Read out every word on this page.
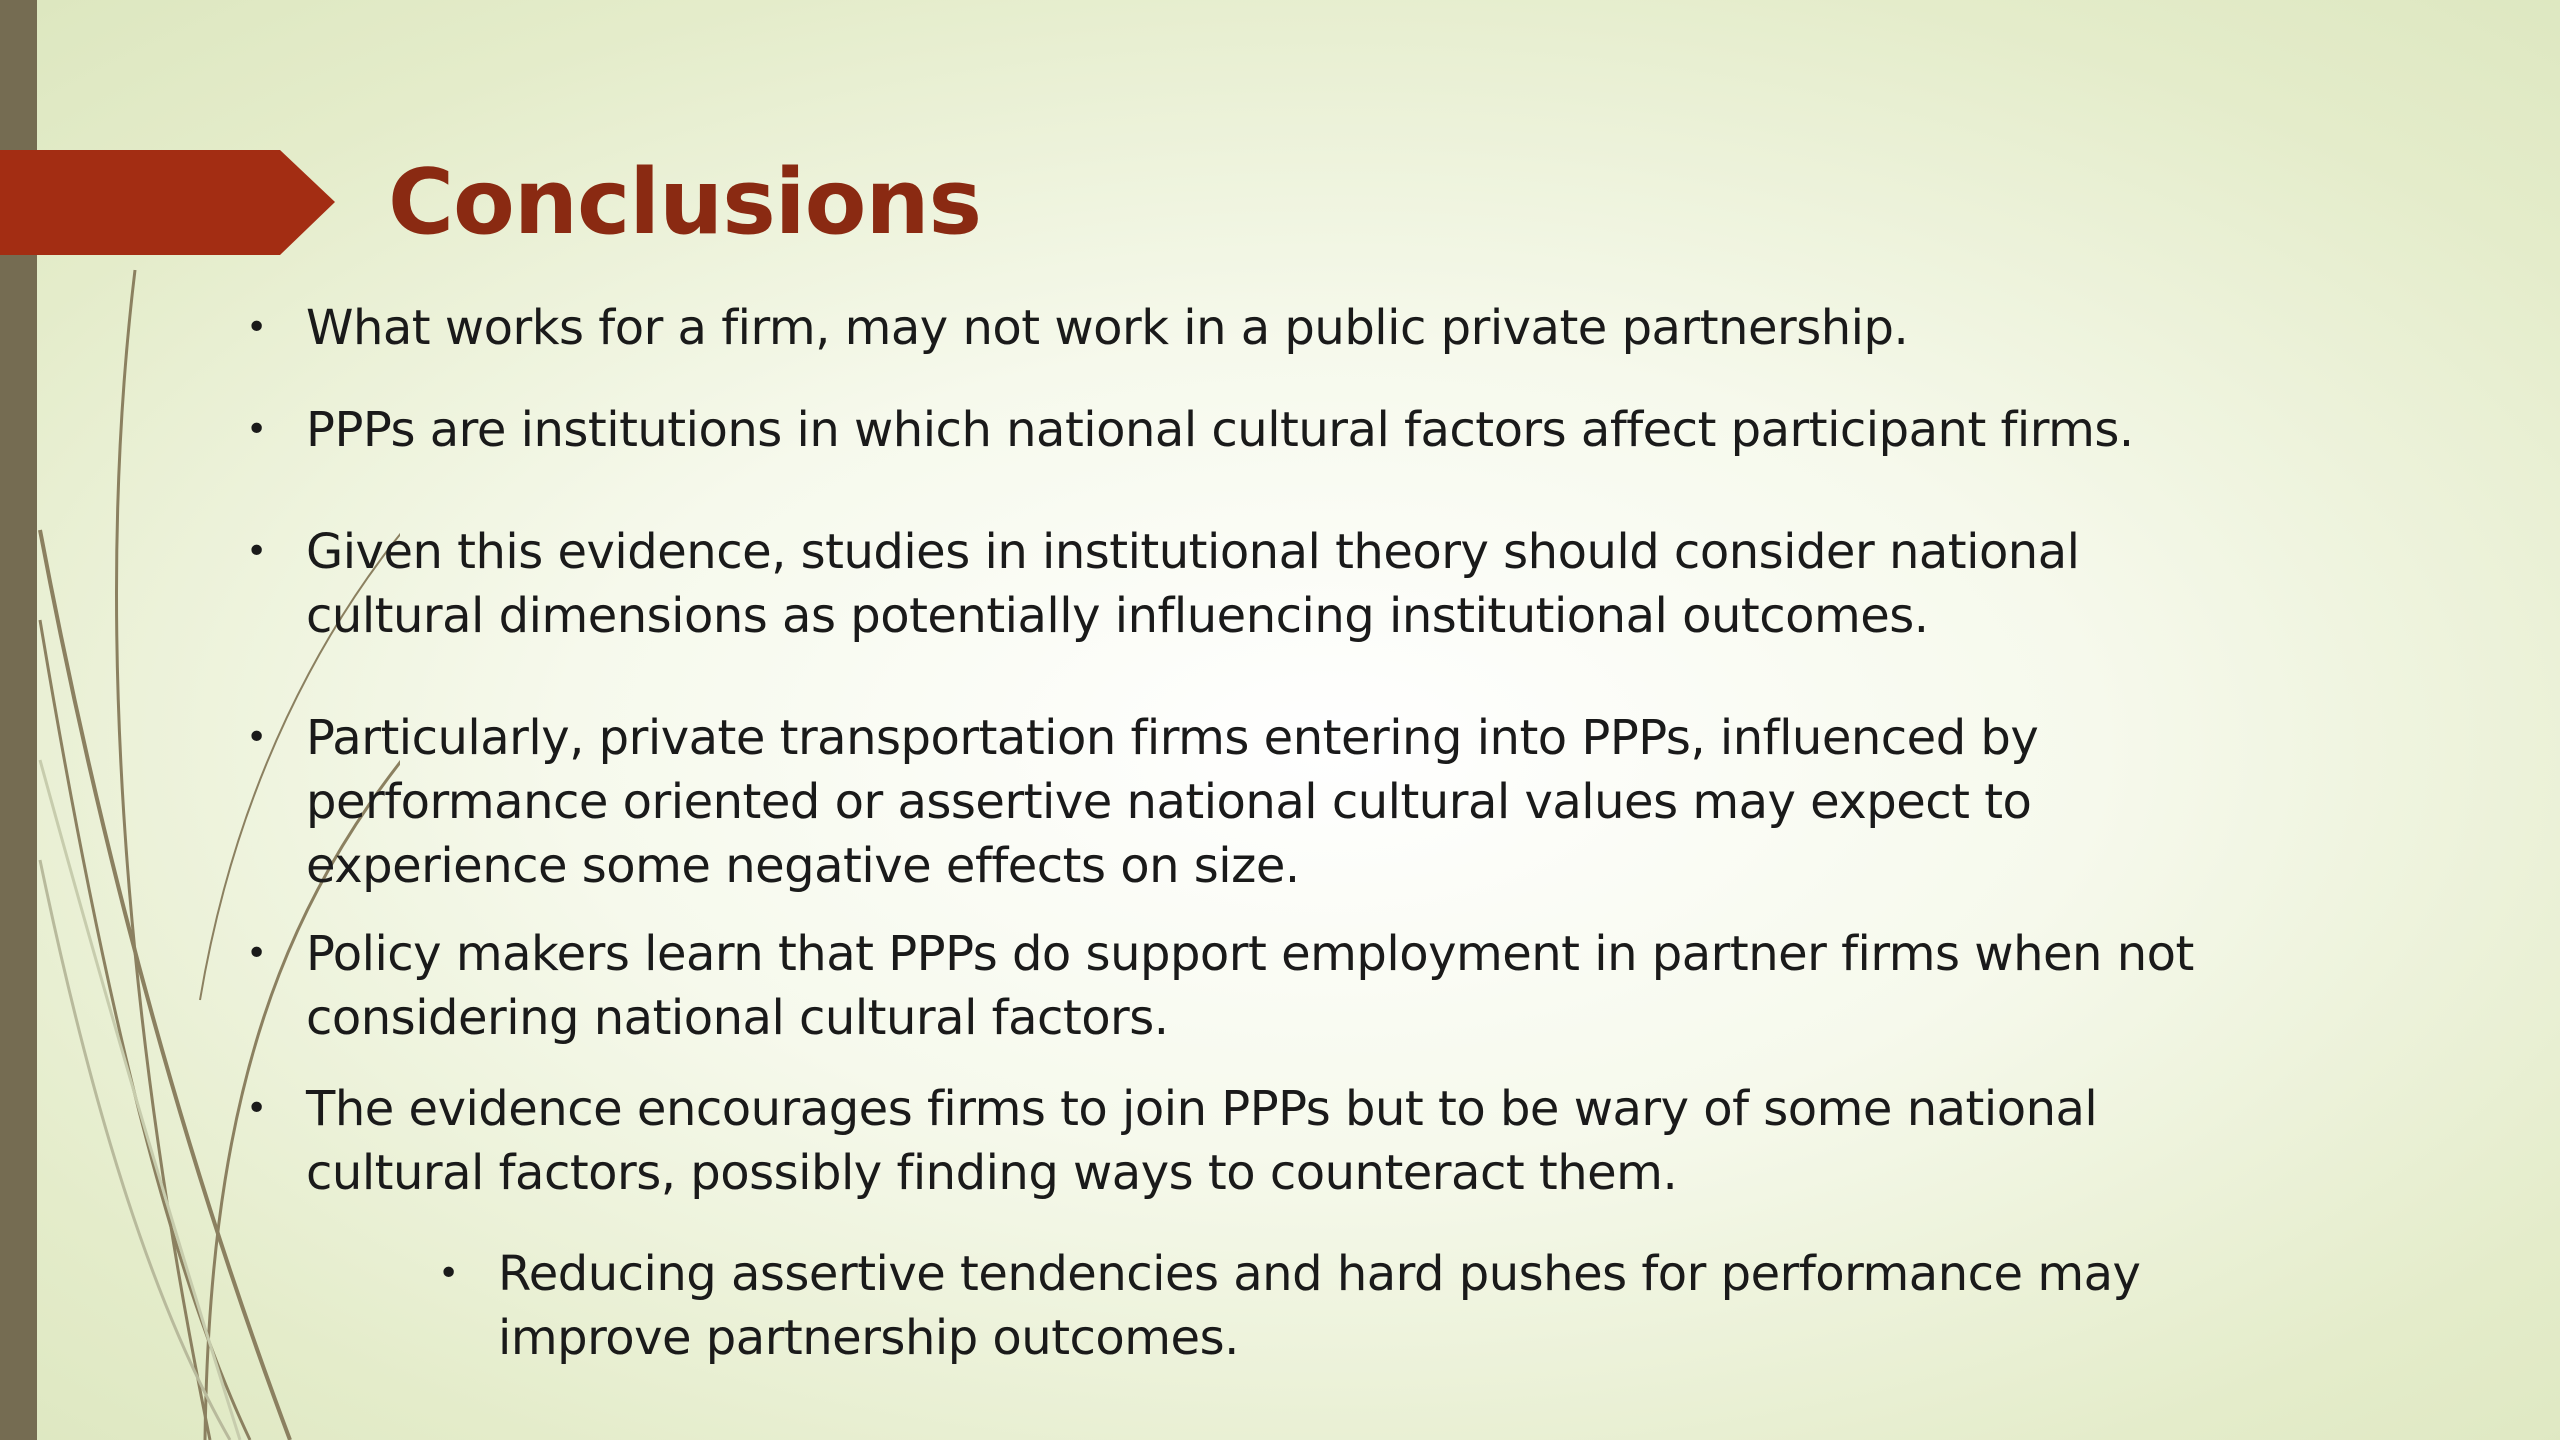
Conclusions
• What works for a firm, may not work in a public private partnership.
• PPPs are institutions in which national cultural factors affect participant firms.
• Given this evidence, studies in institutional theory should consider national
cultural dimensions as potentially influencing institutional outcomes.
• Particularly, private transportation firms entering into PPPs, influenced by
performance oriented or assertive national cultural values may expect to
experience some negative effects on size.
• Policy makers learn that PPPs do support employment in partner firms when not
considering national cultural factors.
• The evidence encourages firms to join PPPs but to be wary of some national
cultural factors, possibly finding ways to counteract them.
• Reducing assertive tendencies and hard pushes for performance may
improve partnership outcomes.
